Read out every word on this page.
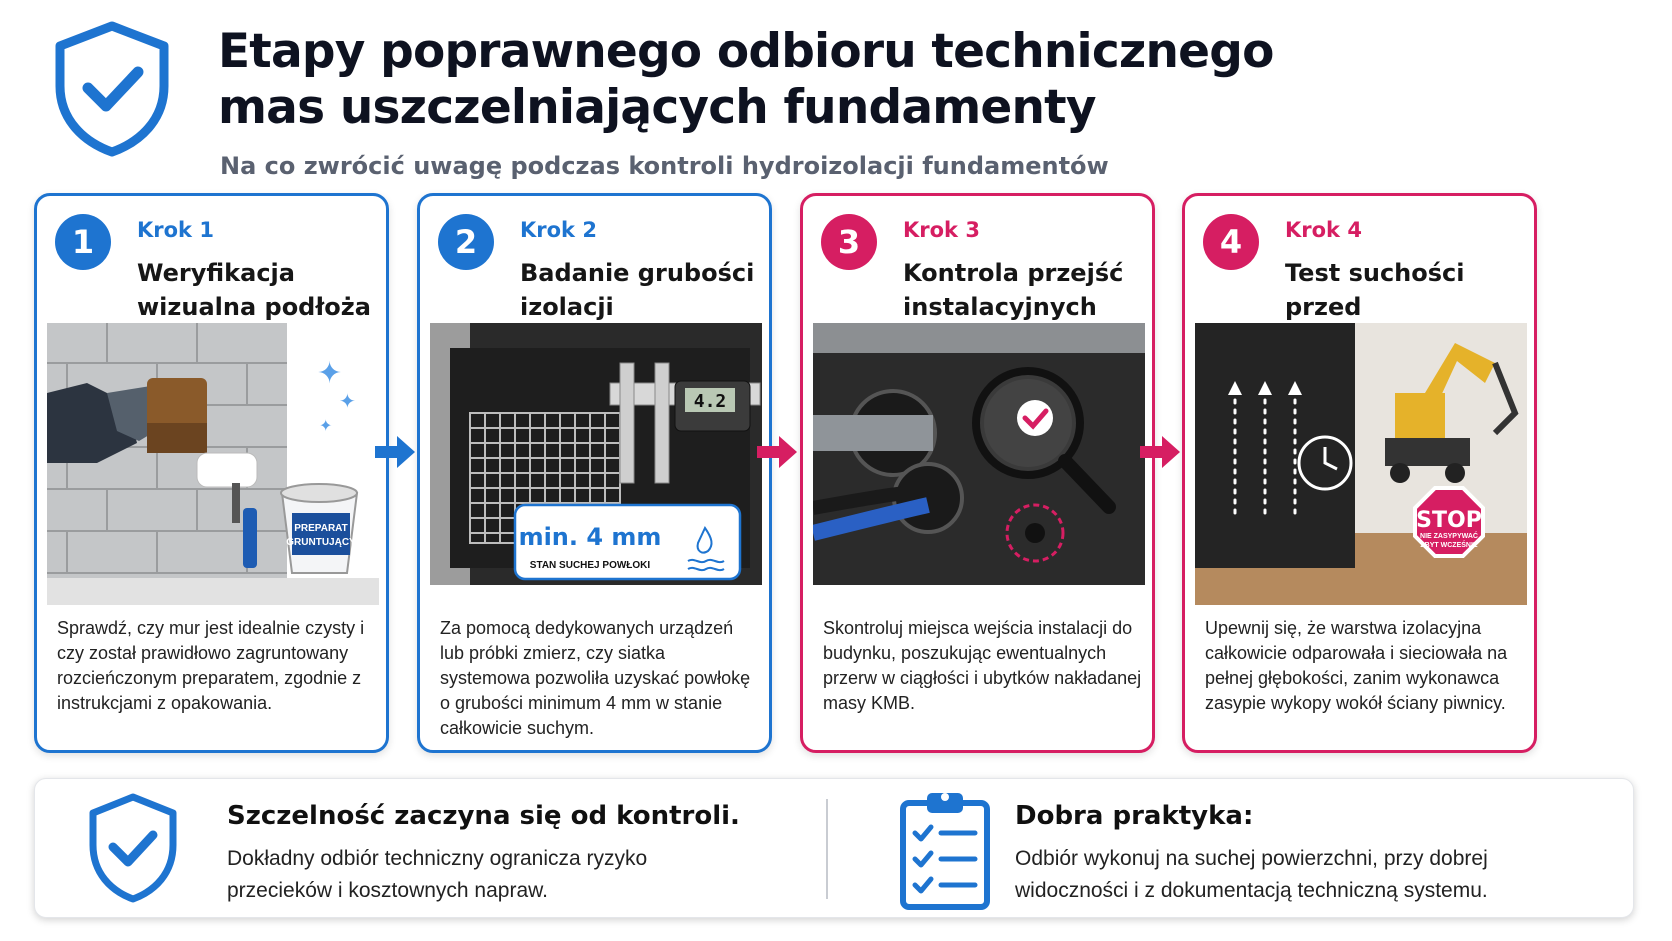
Etapy poprawnego odbioru technicznego
mas uszczelniających fundamenty
Na co zwrócić uwagę podczas kontroli hydroizolacji fundamentów
1	Krok 1
Weryfikacja
wizualna podłoża
PREPARAT
GRUNTUJĄCY
✦
✦
✦
Sprawdź, czy mur jest idealnie czysty i czy został prawidłowo zagruntowany rozcieńczonym preparatem, zgodnie z instrukcjami z opakowania.
2	Krok 2
Badanie grubości
izolacji
4.2
min. 4 mm
STAN SUCHEJ POWŁOKI
Za pomocą dedykowanych urządzeń lub próbki zmierz, czy siatka systemowa pozwoliła uzyskać powłokę o grubości minimum 4 mm w stanie całkowicie suchym.
3	Krok 3
Kontrola przejść
instalacyjnych
Skontroluj miejsca wejścia instalacji do budynku, poszukując ewentualnych przerw w ciągłości i ubytków nakładanej masy KMB.
4	Krok 4
Test suchości
przed
STOP
NIE ZASYPYWAĆ
ZBYT WCZEŚNIE
Upewnij się, że warstwa izolacyjna całkowicie odparowała i sieciowała na pełnej głębokości, zanim wykonawca zasypie wykopy wokół ściany piwnicy.
Szczelność zaczyna się od kontroli.
Dokładny odbiór techniczny ogranicza ryzyko
przecieków i kosztownych napraw.
Dobra praktyka:
Odbiór wykonuj na suchej powierzchni, przy dobrej
widoczności i z dokumentacją techniczną systemu.
